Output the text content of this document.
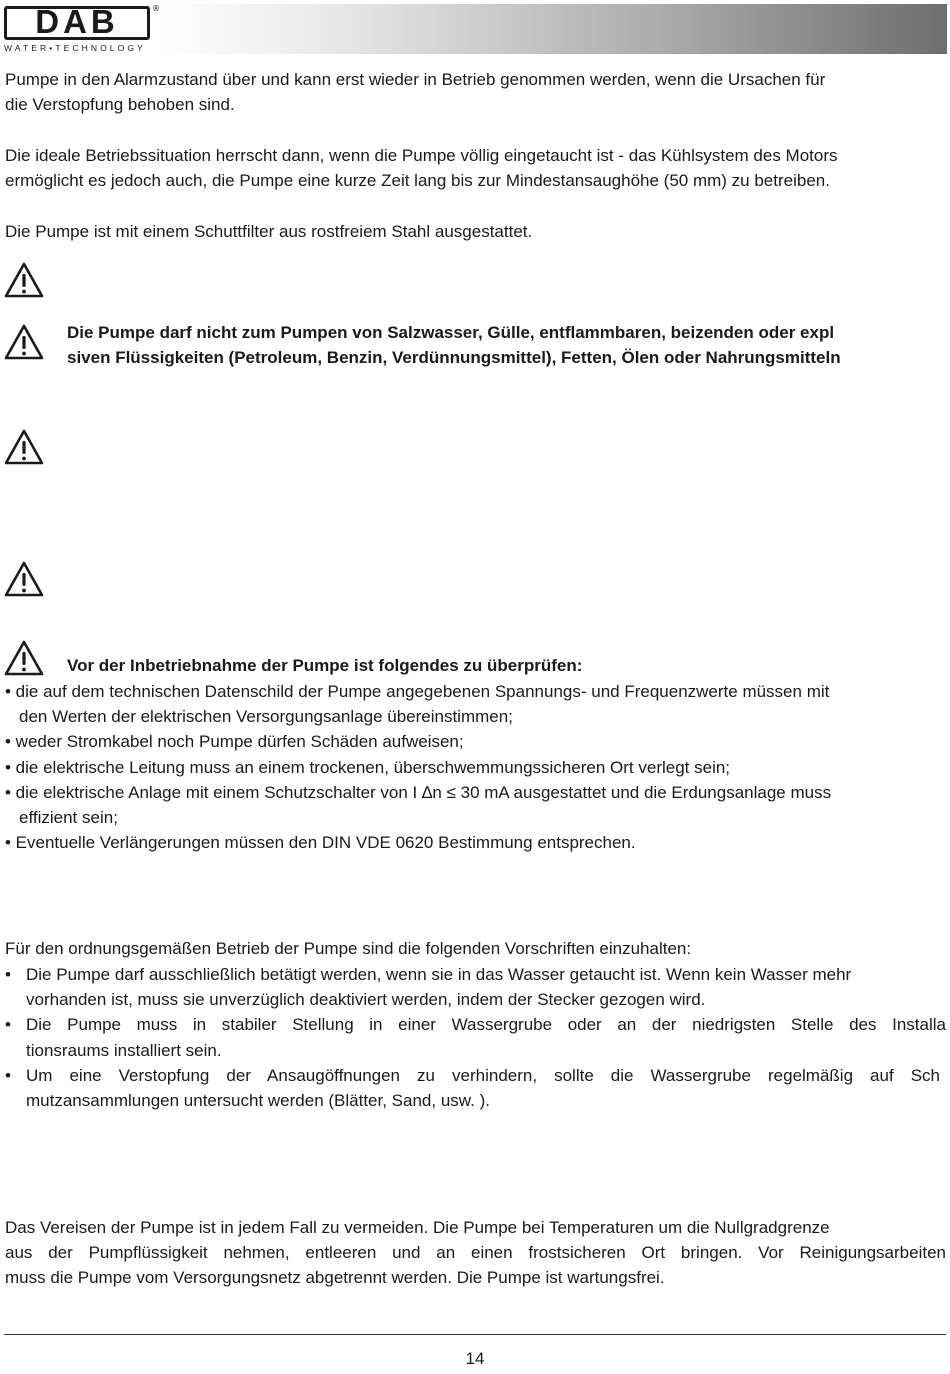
DAB	®
WATER•TECHNOLOGY
Pumpe in den Alarmzustand über und kann erst wieder in Betrieb genommen werden, wenn die Ursachen für
die Verstopfung behoben sind.
Die ideale Betriebssituation herrscht dann, wenn die Pumpe völlig eingetaucht ist - das Kühlsystem des Motors
ermöglicht es jedoch auch, die Pumpe eine kurze Zeit lang bis zur Mindestansaughöhe (50 mm) zu betreiben.
Die Pumpe ist mit einem Schuttfilter aus rostfreiem Stahl ausgestattet.
Die Pumpe darf nicht zum Pumpen von Salzwasser, Gülle, entflammbaren, beizenden oder expl
siven Flüssigkeiten (Petroleum, Benzin, Verdünnungsmittel), Fetten, Ölen oder Nahrungsmitteln
Vor der Inbetriebnahme der Pumpe ist folgendes zu überprüfen:
• die auf dem technischen Datenschild der Pumpe angegebenen Spannungs- und Frequenzwerte müssen mit
den Werten der elektrischen Versorgungsanlage übereinstimmen;
• weder Stromkabel noch Pumpe dürfen Schäden aufweisen;
• die elektrische Leitung muss an einem trockenen, überschwemmungssicheren Ort verlegt sein;
• die elektrische Anlage mit einem Schutzschalter von I ∆n ≤ 30 mA ausgestattet und die Erdungsanlage muss
effizient sein;
• Eventuelle Verlängerungen müssen den DIN VDE 0620 Bestimmung entsprechen.
Für den ordnungsgemäßen Betrieb der Pumpe sind die folgenden Vorschriften einzuhalten:
• Die Pumpe darf ausschließlich betätigt werden, wenn sie in das Wasser getaucht ist. Wenn kein Wasser mehr
vorhanden ist, muss sie unverzüglich deaktiviert werden, indem der Stecker gezogen wird.
• Die Pumpe muss in stabiler Stellung in einer Wassergrube oder an der niedrigsten Stelle des Installa
tionsraums installiert sein.
• Um eine Verstopfung der Ansaugöffnungen zu verhindern, sollte die Wassergrube regelmäßig auf Sch
mutzansammlungen untersucht werden (Blätter, Sand, usw. ).
Das Vereisen der Pumpe ist in jedem Fall zu vermeiden. Die Pumpe bei Temperaturen um die Nullgradgrenze
aus der Pumpflüssigkeit nehmen, entleeren und an einen frostsicheren Ort bringen. Vor Reinigungsarbeiten
muss die Pumpe vom Versorgungsnetz abgetrennt werden. Die Pumpe ist wartungsfrei.
14
